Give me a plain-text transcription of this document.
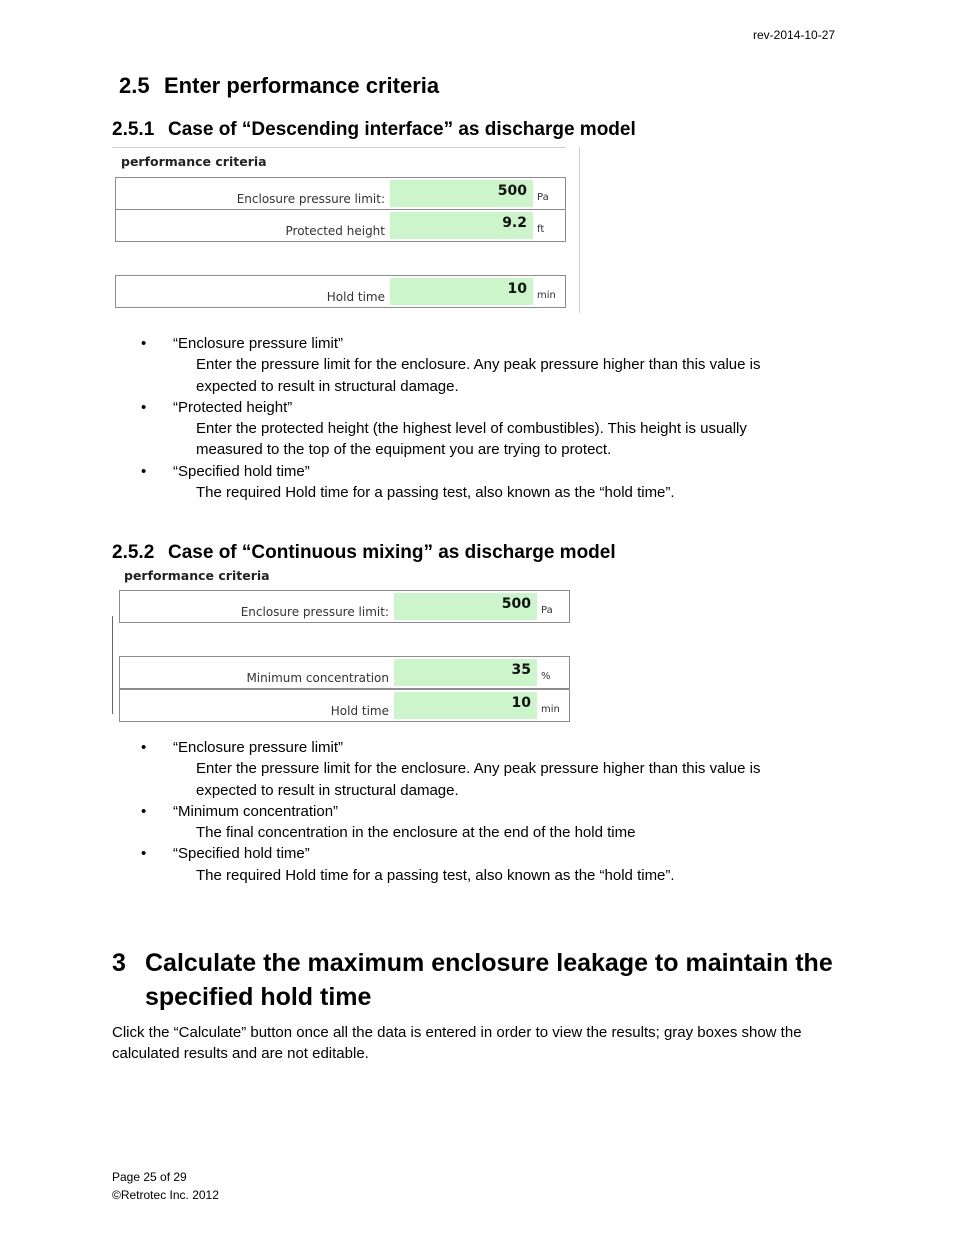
rev-2014-10-27
2.5 Enter performance criteria
2.5.1 Case of “Descending interface” as discharge model
performance criteria
Enclosure pressure limit:	500	Pa
Protected height	9.2	ft
Hold time	10	min
•	“Enclosure pressure limit”
Enter the pressure limit for the enclosure. Any peak pressure higher than this value is expected to result in structural damage.
•	“Protected height”
Enter the protected height (the highest level of combustibles). This height is usually measured to the top of the equipment you are trying to protect.
•	“Specified hold time”
The required Hold time for a passing test, also known as the “hold time”.
2.5.2 Case of “Continuous mixing” as discharge model
performance criteria
Enclosure pressure limit:	500	Pa
Minimum concentration	35	%
Hold time	10	min
•	“Enclosure pressure limit”
Enter the pressure limit for the enclosure. Any peak pressure higher than this value is expected to result in structural damage.
•	“Minimum concentration”
The final concentration in the enclosure at the end of the hold time
•	“Specified hold time”
The required Hold time for a passing test, also known as the “hold time”.
3 Calculate the maximum enclosure leakage to maintain the specified hold time
Click the “Calculate” button once all the data is entered in order to view the results; gray boxes show the calculated results and are not editable.
Page 25 of 29
©Retrotec Inc. 2012
